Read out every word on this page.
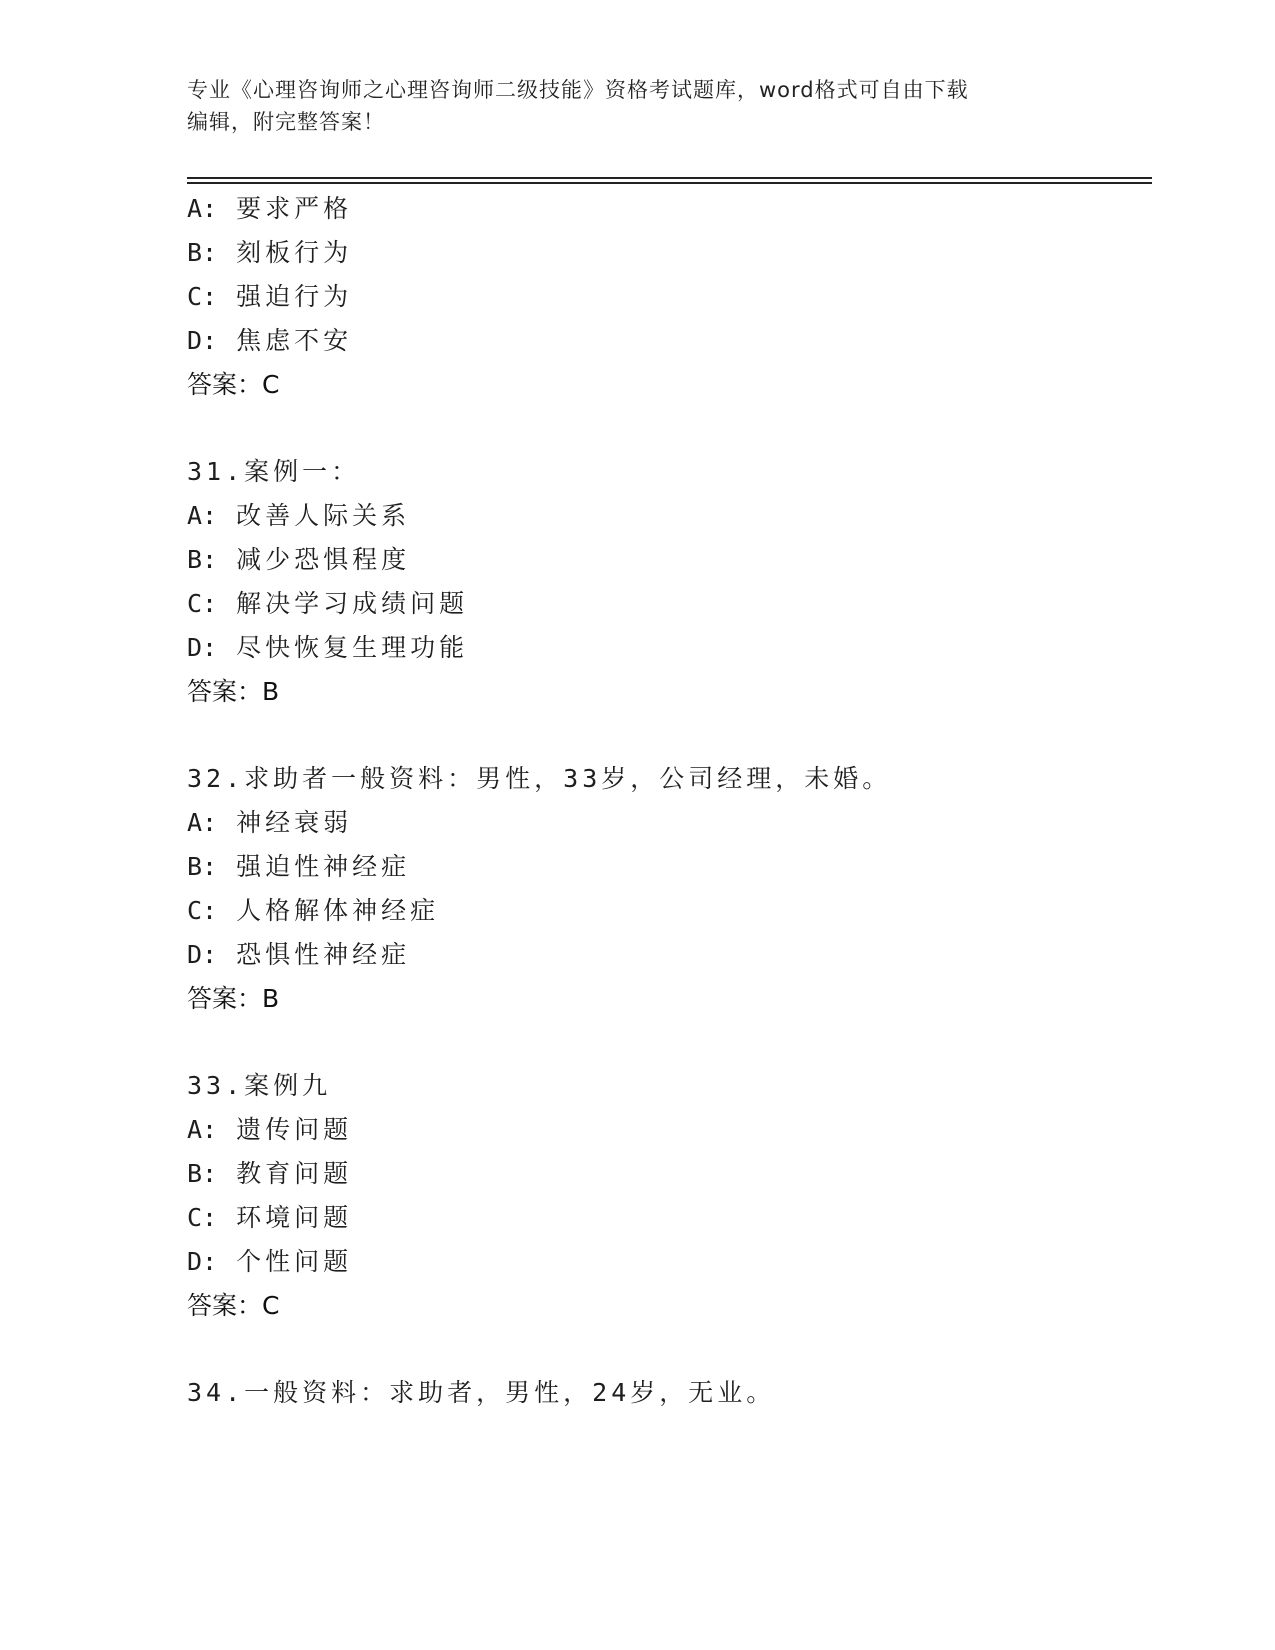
专业《心理咨询师之心理咨询师二级技能》资格考试题库，word格式可自由下载
编辑，附完整答案！
A: 要求严格
B: 刻板行为
C: 强迫行为
D: 焦虑不安
答案：C
31.案例一：
A: 改善人际关系
B: 减少恐惧程度
C: 解决学习成绩问题
D: 尽快恢复生理功能
答案：B
32.求助者一般资料：男性，33岁，公司经理，未婚。
A: 神经衰弱
B: 强迫性神经症
C: 人格解体神经症
D: 恐惧性神经症
答案：B
33.案例九
A: 遗传问题
B: 教育问题
C: 环境问题
D: 个性问题
答案：C
34.一般资料：求助者，男性，24岁，无业。
